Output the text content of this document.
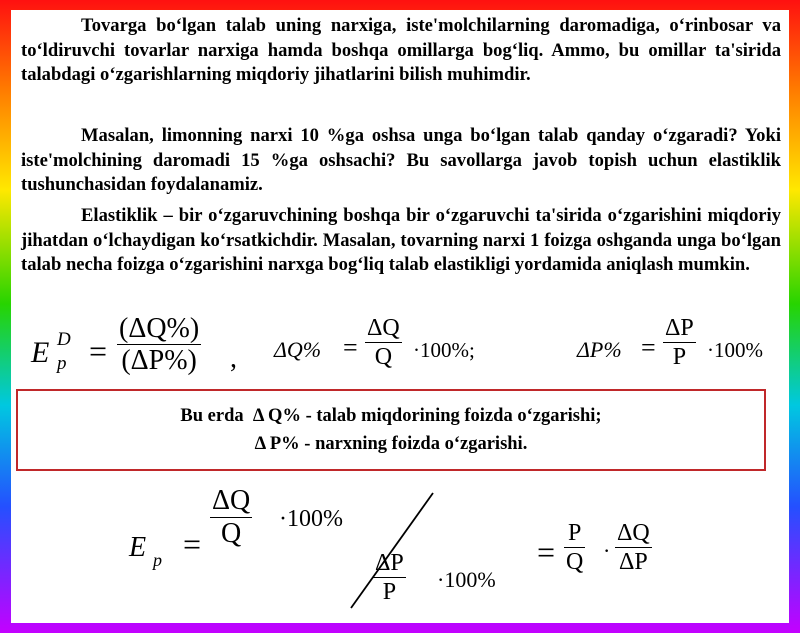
Tovarga bo‘lgan talab uning narxiga, iste'molchilarning daromadiga, o‘rinbosar va to‘ldiruvchi tovarlar narxiga hamda boshqa omillarga bog‘liq. Ammo, bu omillar ta'sirida talabdagi o‘zgarishlarning miqdoriy jihatlarini bilish muhimdir.

Masalan, limonning narxi 10 %ga oshsa unga bo‘lgan talab qanday o‘zgaradi? Yoki iste'molchining daromadi 15 %ga oshsachi? Bu savollarga javob topish uchun elastiklik tushunchasidan foydalanamiz.

Elastiklik – bir o‘zgaruvchining boshqa bir o‘zgaruvchi ta'sirida o‘zgarishini miqdoriy jihatdan o‘lchaydigan ko‘rsatkichdir. Masalan, tovarning narxi 1 foizga oshganda unga bo‘lgan talab necha foizga o‘zgarishini narxga bog‘liq talab elastikligi yordamida aniqlash mumkin.

E D
p =
(ΔQ%)
(ΔP%) , ΔQ% =
ΔQ
Q ·100%;	ΔP% =
ΔP
P ·100%
Bu erda Δ Q% - talab miqdorining foizda o‘zgarishi;
Δ P% - narxning foizda o‘zgarishi.
E p =
ΔQ
Q	·100%
ΔP
P	·100%
=
P
Q ·
ΔQ
ΔP
